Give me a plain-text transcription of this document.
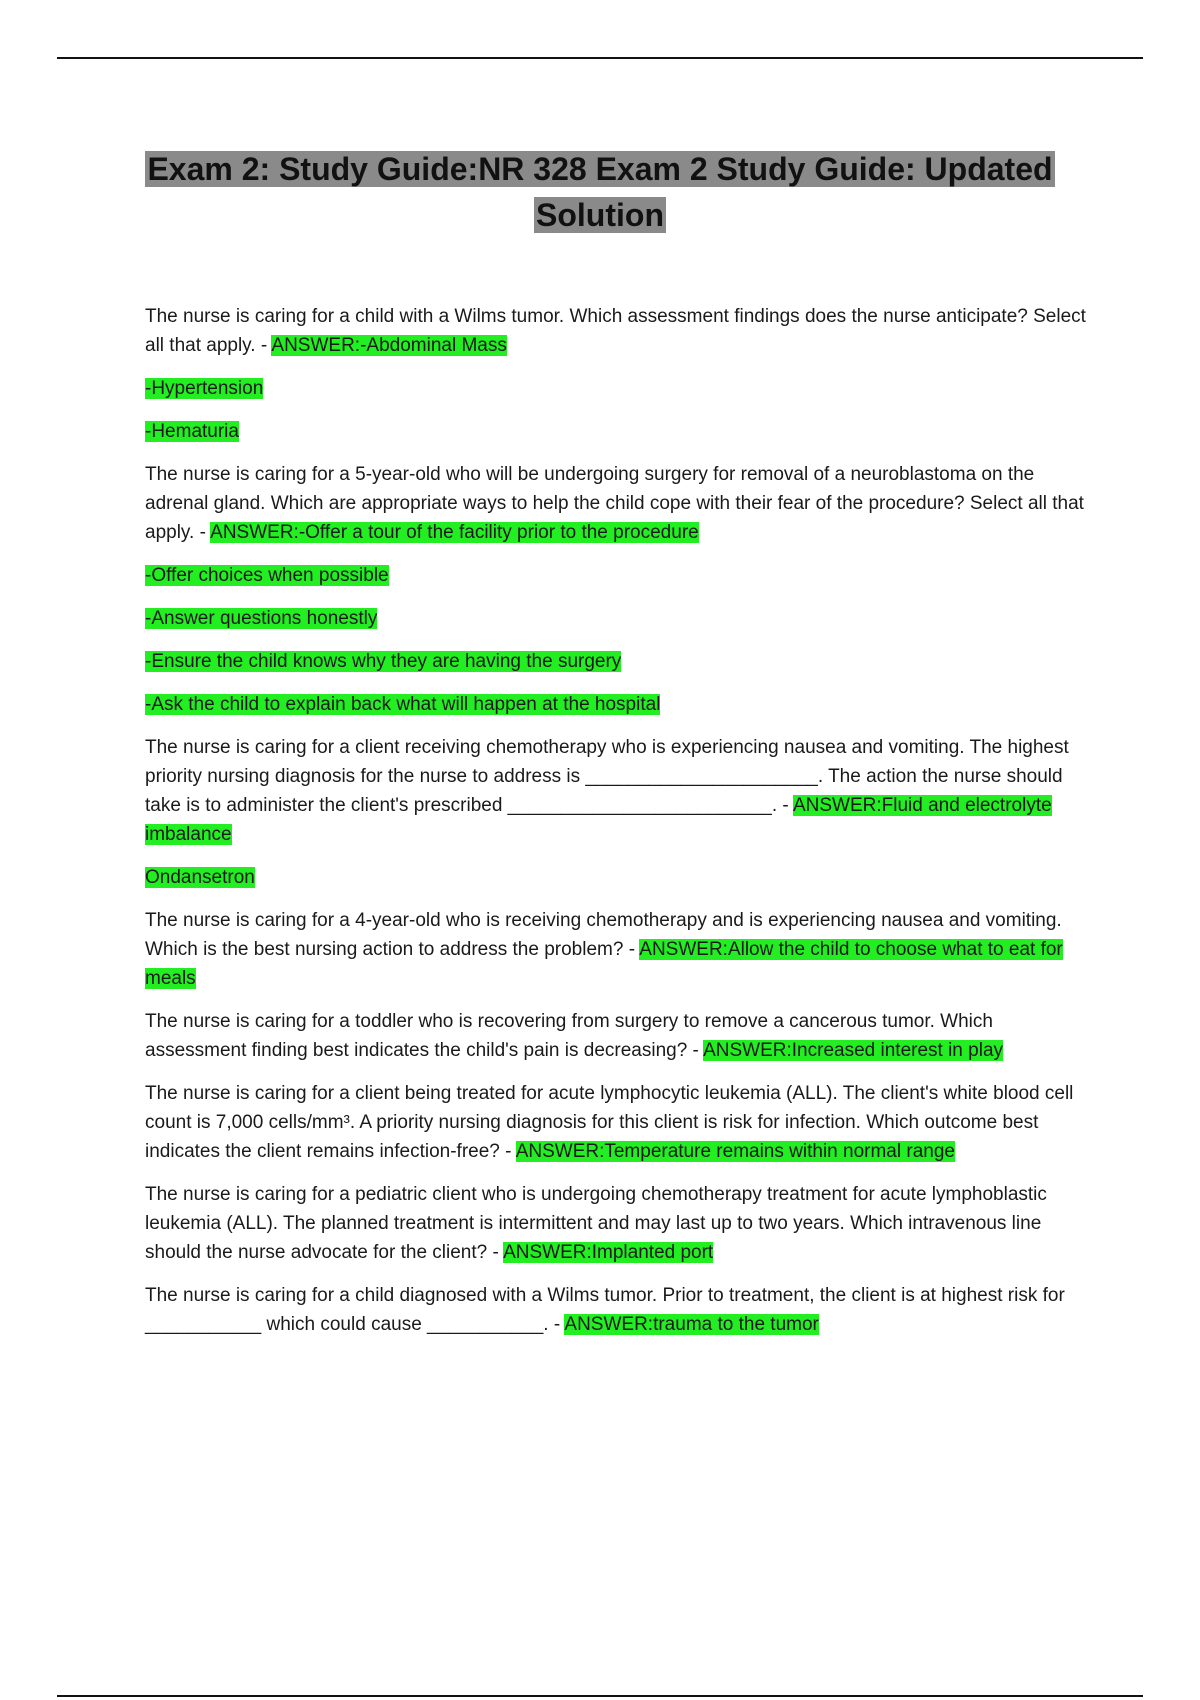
Exam 2: Study Guide:NR 328 Exam 2 Study Guide: Updated
Solution

The nurse is caring for a child with a Wilms tumor. Which assessment findings does the nurse anticipate? Select all that apply. - ANSWER:-Abdominal Mass

-Hypertension

-Hematuria

The nurse is caring for a 5-year-old who will be undergoing surgery for removal of a neuroblastoma on the adrenal gland. Which are appropriate ways to help the child cope with their fear of the procedure? Select all that apply. - ANSWER:-Offer a tour of the facility prior to the procedure

-Offer choices when possible

-Answer questions honestly

-Ensure the child knows why they are having the surgery

-Ask the child to explain back what will happen at the hospital

The nurse is caring for a client receiving chemotherapy who is experiencing nausea and vomiting. The highest priority nursing diagnosis for the nurse to address is ______________________. The action the nurse should take is to administer the client's prescribed _________________________. - ANSWER:Fluid and electrolyte imbalance

Ondansetron

The nurse is caring for a 4-year-old who is receiving chemotherapy and is experiencing nausea and vomiting. Which is the best nursing action to address the problem? - ANSWER:Allow the child to choose what to eat for meals

The nurse is caring for a toddler who is recovering from surgery to remove a cancerous tumor. Which assessment finding best indicates the child's pain is decreasing? - ANSWER:Increased interest in play

The nurse is caring for a client being treated for acute lymphocytic leukemia (ALL). The client's white blood cell count is 7,000 cells/mm³. A priority nursing diagnosis for this client is risk for infection. Which outcome best indicates the client remains infection-free? - ANSWER:Temperature remains within normal range

The nurse is caring for a pediatric client who is undergoing chemotherapy treatment for acute lymphoblastic leukemia (ALL). The planned treatment is intermittent and may last up to two years. Which intravenous line should the nurse advocate for the client? - ANSWER:Implanted port

The nurse is caring for a child diagnosed with a Wilms tumor. Prior to treatment, the client is at highest risk for ___________ which could cause ___________. - ANSWER:trauma to the tumor
